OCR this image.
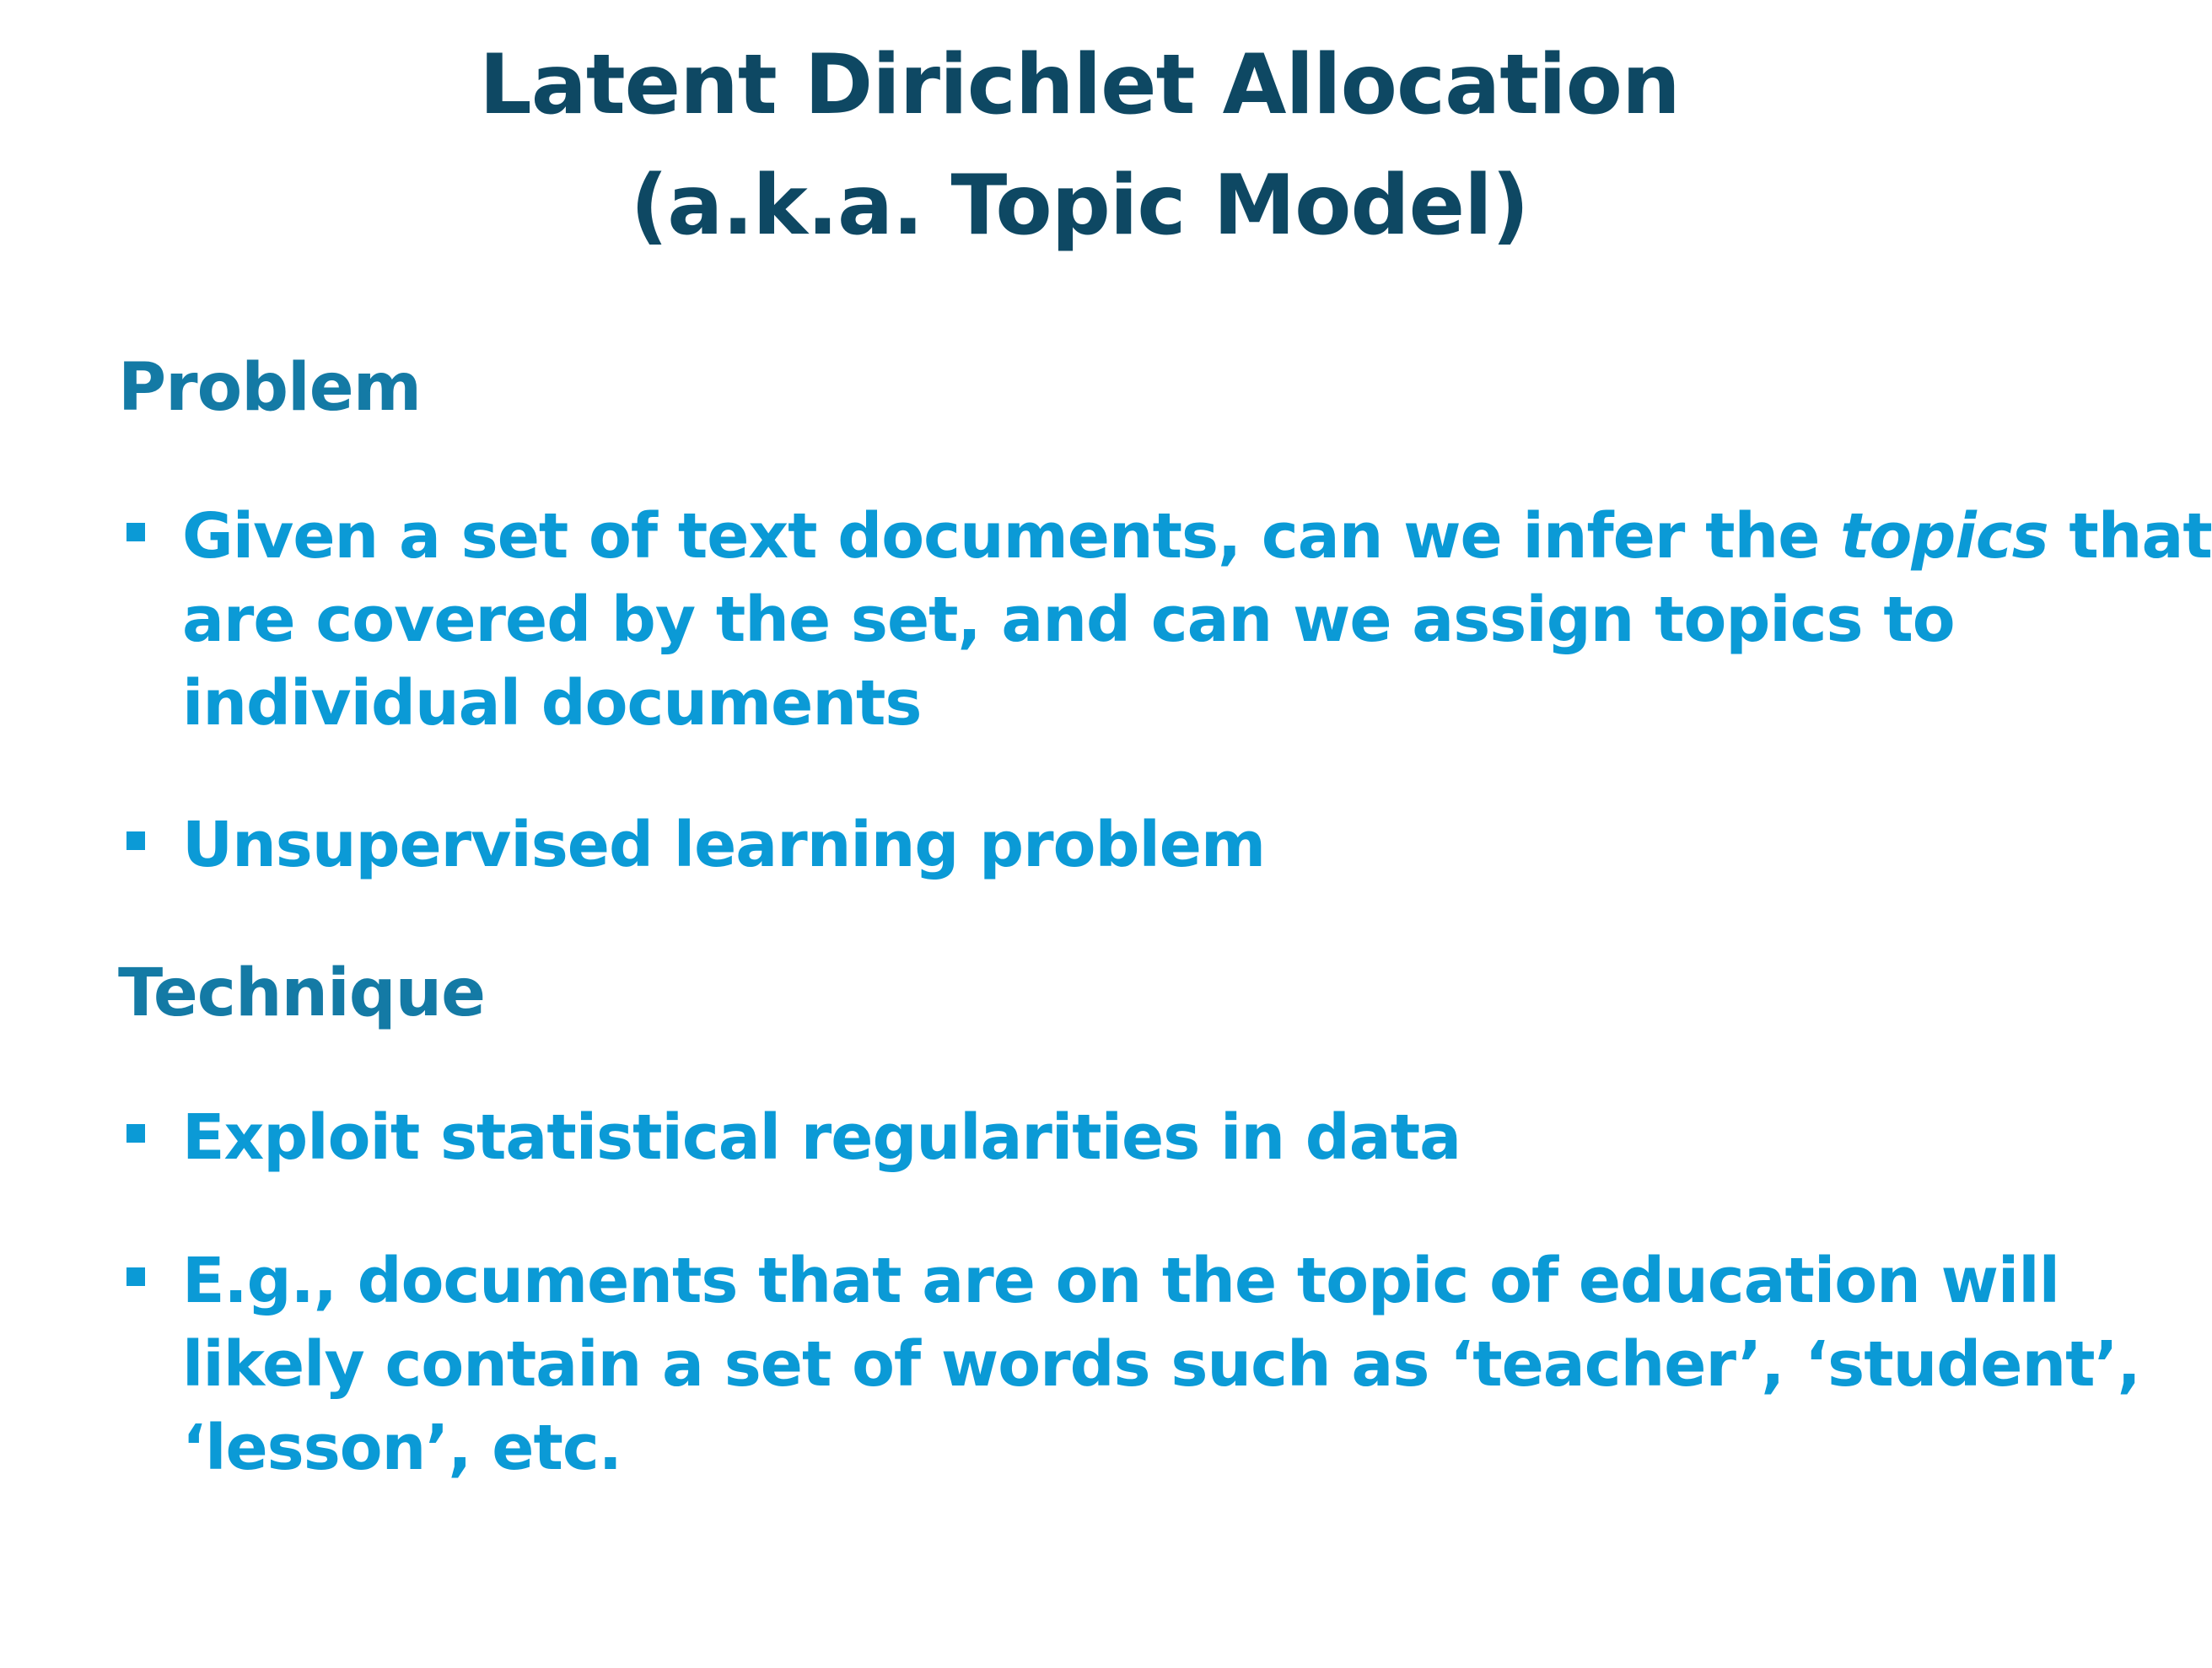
Latent Dirichlet Allocation
(a.k.a. Topic Model)
Problem
Given a set of text documents, can we infer the topics that
are covered by the set, and can we assign topics to
individual documents
Unsupervised learning problem
Technique
Exploit statistical regularities in data
E.g., documents that are on the topic of education will
likely contain a set of words such as ‘teacher’, ‘student’,
‘lesson’, etc.
